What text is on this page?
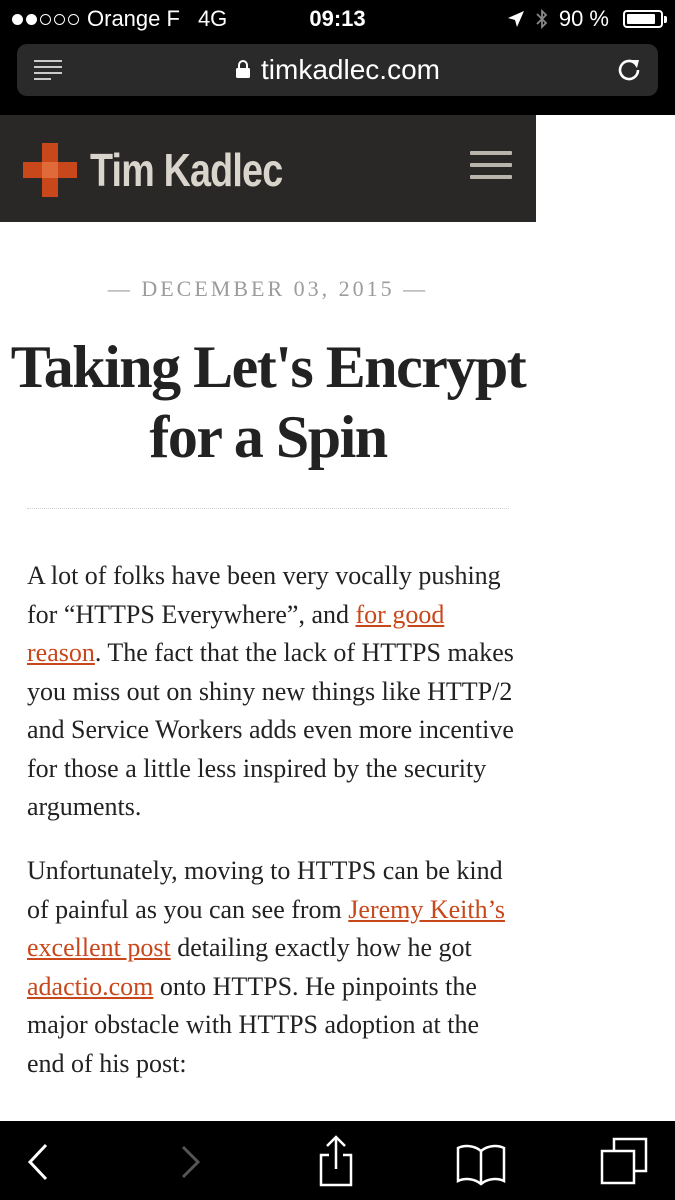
Orange F 4G	09:13	90 %
timkadlec.com
Tim Kadlec
— DECEMBER 03, 2015 —
Taking Let's Encrypt for a Spin

A lot of folks have been very vocally pushing for “HTTPS Everywhere”, and for good reason. The fact that the lack of HTTPS makes you miss out on shiny new things like HTTP/2 and Service Workers adds even more incentive for those a little less inspired by the security arguments.

Unfortunately, moving to HTTPS can be kind of painful as you can see from Jeremy Keith’s excellent post detailing exactly how he got adactio.com onto HTTPS. He pinpoints the major obstacle with HTTPS adoption at the end of his post:
